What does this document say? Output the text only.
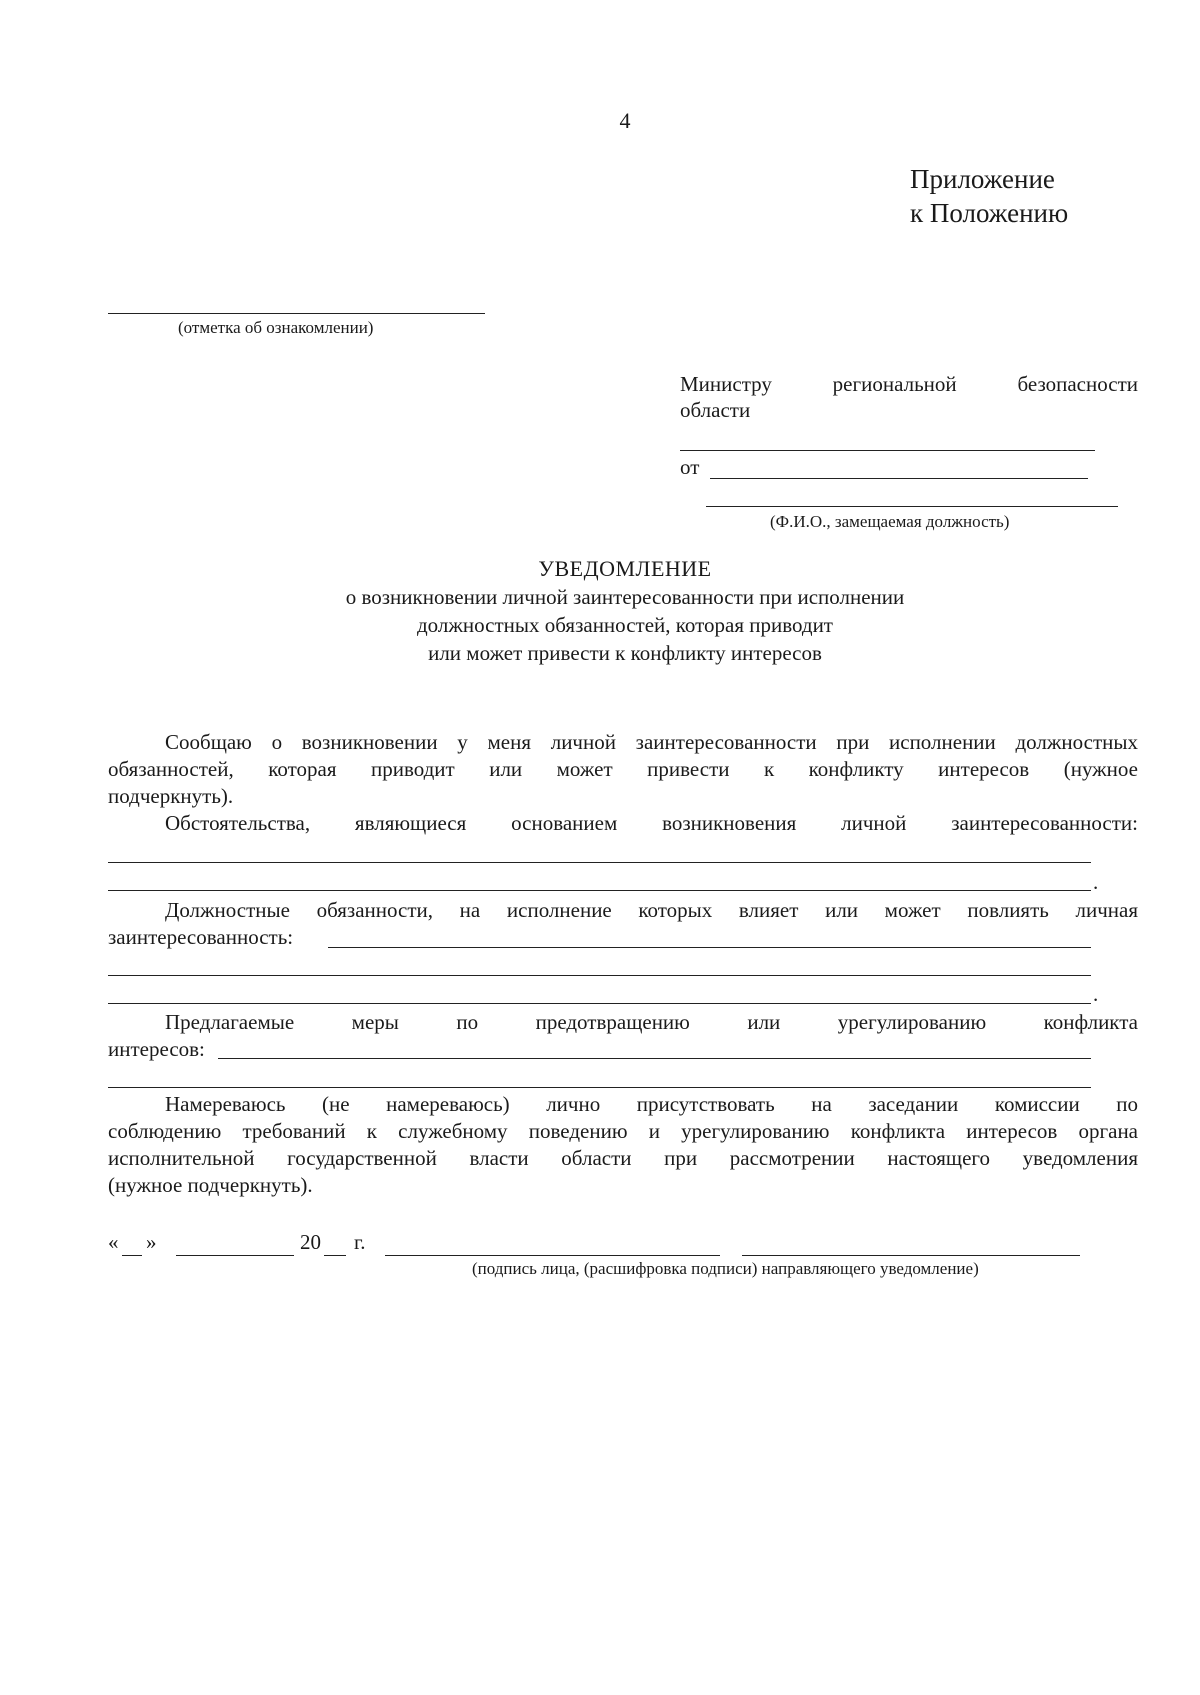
4
Приложение
к Положению
(отметка об ознакомлении)
Министру региональной безопасности
области
от
(Ф.И.О., замещаемая должность)
УВЕДОМЛЕНИЕ
о возникновении личной заинтересованности при исполнении
должностных обязанностей, которая приводит
или может привести к конфликту интересов
Сообщаю о возникновении у меня личной заинтересованности при исполнении должностных
обязанностей, которая приводит или может привести к конфликту интересов (нужное
подчеркнуть).
Обстоятельства, являющиеся основанием возникновения личной заинтересованности:
.
Должностные обязанности, на исполнение которых влияет или может повлиять личная
заинтересованность:
.
Предлагаемые меры по предотвращению или урегулированию конфликта
интересов:
Намереваюсь (не намереваюсь) лично присутствовать на заседании комиссии по
соблюдению требований к служебному поведению и урегулированию конфликта интересов органа
исполнительной государственной власти области при рассмотрении настоящего уведомления
(нужное подчеркнуть).
« »	20 г.
(подпись лица, (расшифровка подписи) направляющего уведомление)
